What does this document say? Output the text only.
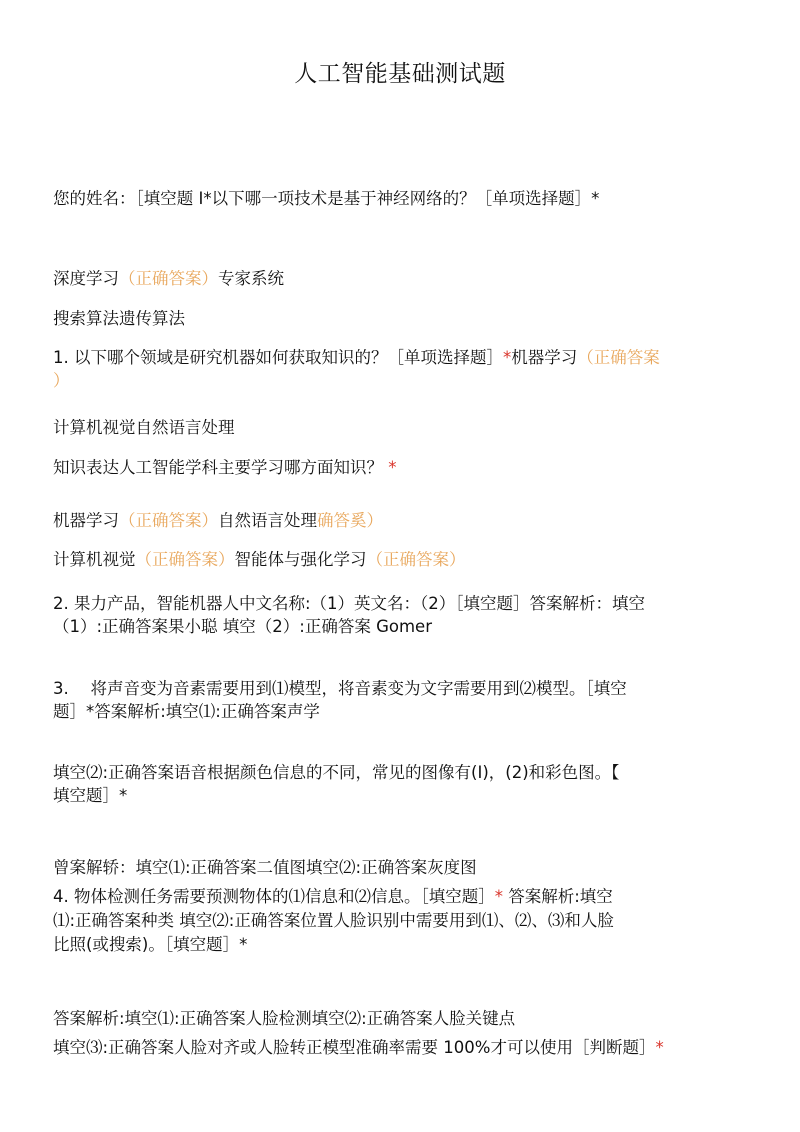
人工智能基础测试题
您的姓名：［填空题 I*以下哪一项技术是基于神经网络的？［单项选择题］*
深度学习（正确答案）专家系统
搜索算法遗传算法
1. 以下哪个领域是研究机器如何获取知识的？［单项选择题］*机器学习（正确答案
）
计算机视觉自然语言处理
知识表达人工智能学科主要学习哪方面知识？ *
机器学习（正确答案）自然语言处理确答奚）
计算机视觉（正确答案）智能体与强化学习（正确答案）
2. 果力产品，智能机器人中文名称:（1）英文名：（2）［填空题］答案解析：填空
（1）:正确答案果小聪 填空（2）:正确答案 Gomer
3.　 将声音变为音素需要用到⑴模型，将音素变为文字需要用到⑵模型。［填空
题］*答案解析:填空⑴:正确答案声学
填空⑵:正确答案语音根据颜色信息的不同，常见的图像有(I)，(2)和彩色图。【
填空题］*
曾案解轿：填空⑴:正确答案二值图填空⑵:正确答案灰度图
4. 物体检测任务需要预测物体的⑴信息和⑵信息。［填空题］* 答案解析:填空
⑴:正确答案种类 填空⑵:正确答案位置人脸识别中需要用到⑴、⑵、⑶和人脸
比照(或搜索)。［填空题］*
答案解析:填空⑴:正确答案人脸检测填空⑵:正确答案人脸关键点
填空⑶:正确答案人脸对齐或人脸转正模型准确率需要 100%才可以使用［判断题］*
